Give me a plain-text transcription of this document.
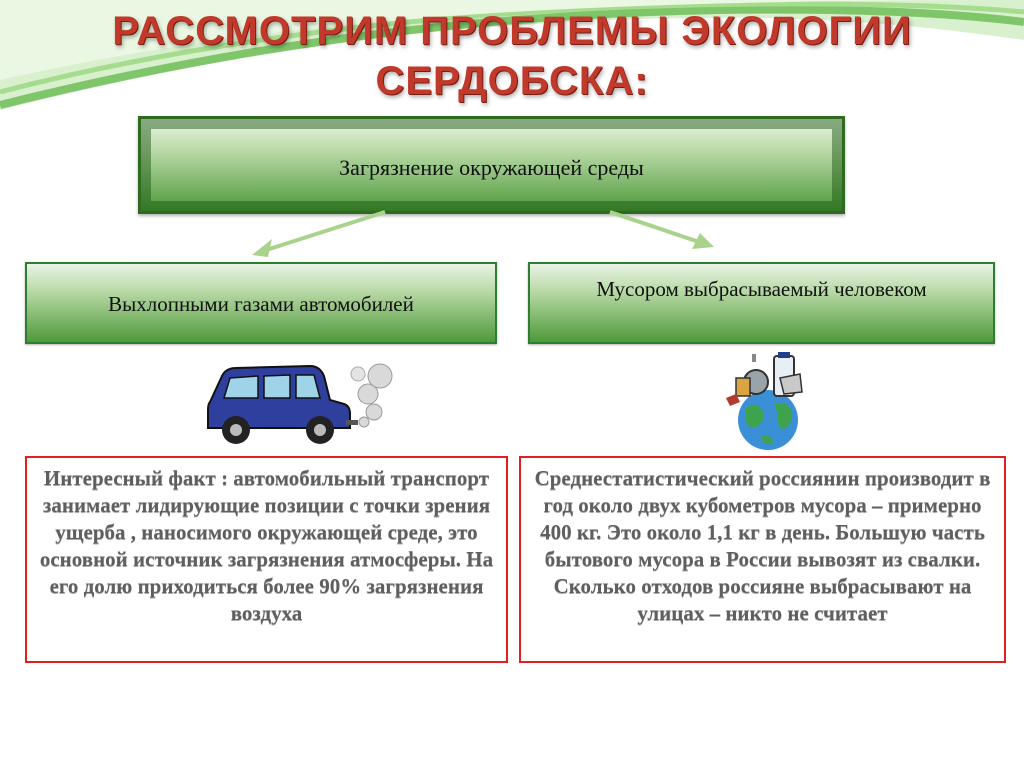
РАССМОТРИМ ПРОБЛЕМЫ ЭКОЛОГИИ
СЕРДОБСКА:
Загрязнение окружающей среды
Выхлопными газами автомобилей
Мусором выбрасываемый человеком
Интересный факт : автомобильный транспорт занимает лидирующие позиции с точки зрения ущерба , наносимого окружающей среде, это основной источник загрязнения атмосферы. На его долю приходиться более 90% загрязнения воздуха
Среднестатистический россиянин производит в год около двух кубометров мусора – примерно 400 кг. Это около 1,1 кг в день. Большую часть бытового мусора в России вывозят из свалки. Сколько отходов россияне выбрасывают на улицах – никто не считает
